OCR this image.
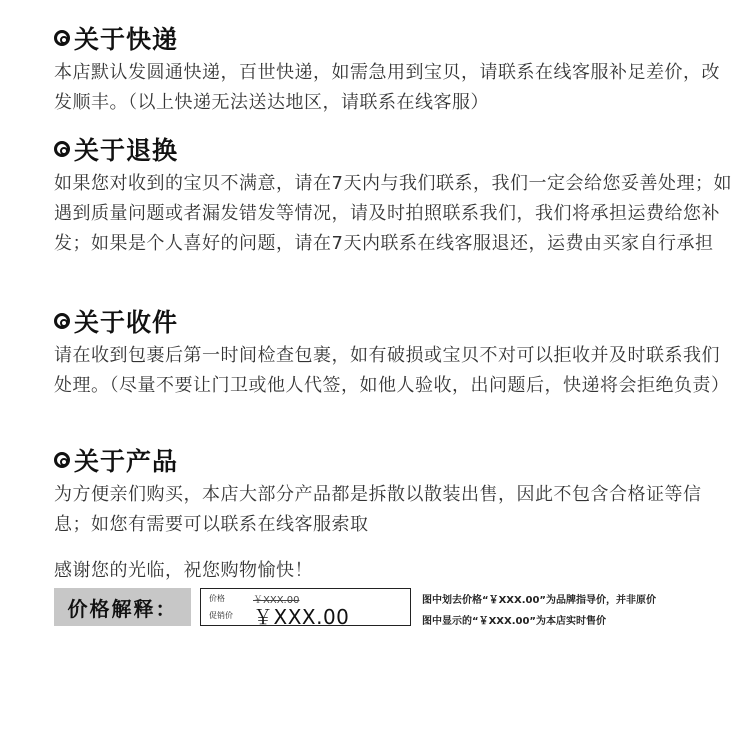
关于快递
本店默认发圆通快递，百世快递，如需急用到宝贝，请联系在线客服补足差价，改发顺丰。（以上快递无法送达地区，请联系在线客服）
关于退换
如果您对收到的宝贝不满意，请在7天内与我们联系，我们一定会给您妥善处理；如遇到质量问题或者漏发错发等情况，请及时拍照联系我们，我们将承担运费给您补发；如果是个人喜好的问题，请在7天内联系在线客服退还，运费由买家自行承担
关于收件
请在收到包裹后第一时间检查包裹，如有破损或宝贝不对可以拒收并及时联系我们处理。（尽量不要让门卫或他人代签，如他人验收，出问题后，快递将会拒绝负责）
关于产品
为方便亲们购买，本店大部分产品都是拆散以散装出售，因此不包含合格证等信息；如您有需要可以联系在线客服索取
感谢您的光临，祝您购物愉快！
价格解释：	价格	￥XXX.00
促销价	￥XXX.00
图中划去价格“￥XXX.00”为品牌指导价，并非原价
图中显示的“￥XXX.00”为本店实时售价
